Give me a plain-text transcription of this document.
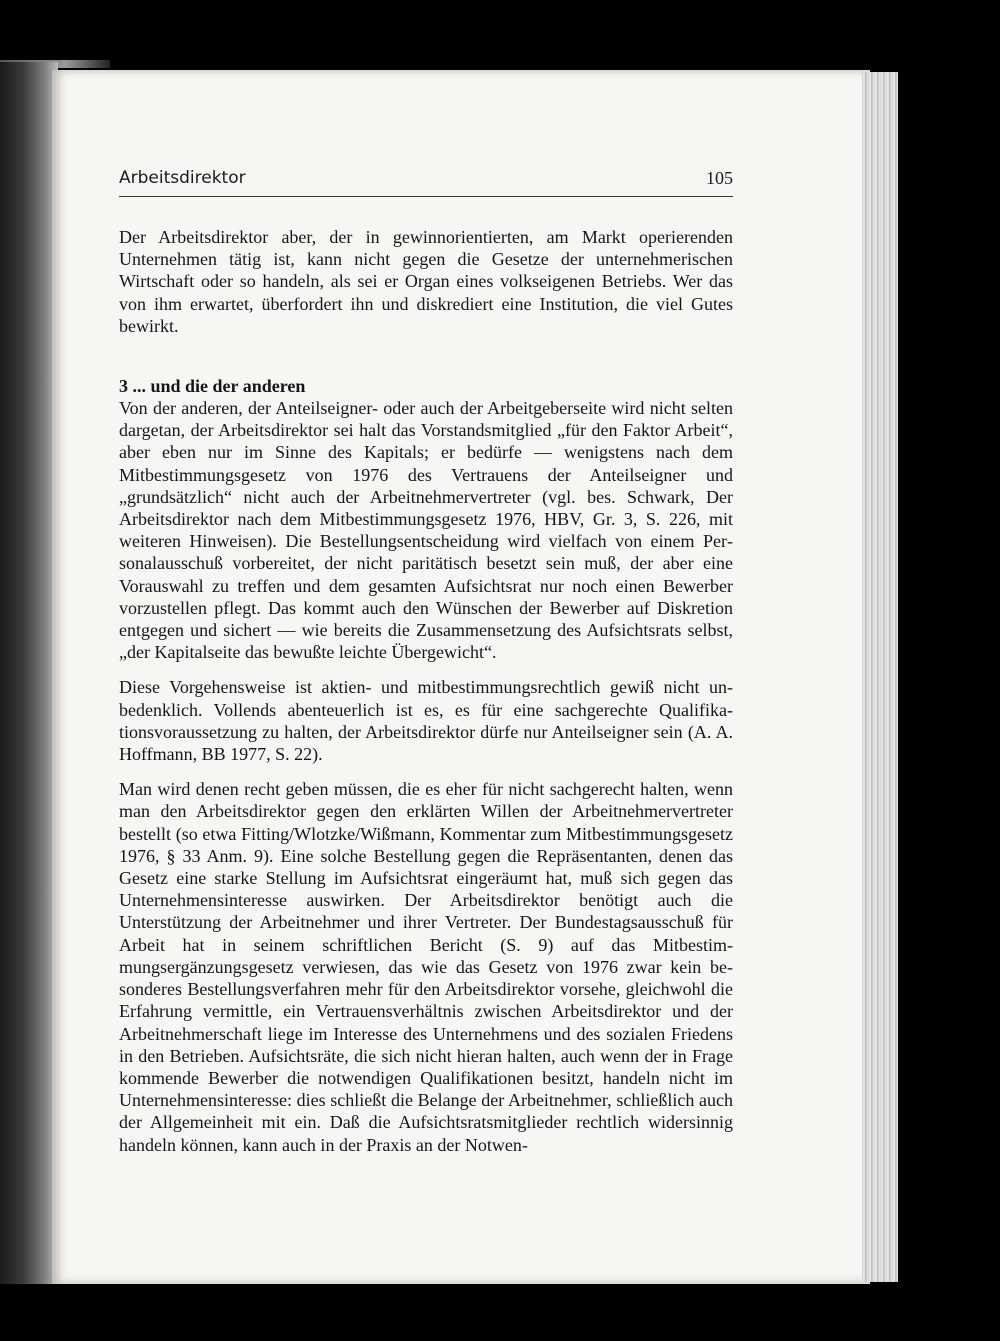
Arbeitsdirektor	105

Der Arbeitsdirektor aber, der in gewinnorientierten, am Markt operierenden Unternehmen tätig ist, kann nicht gegen die Gesetze der unternehmerischen Wirtschaft oder so handeln, als sei er Organ eines volkseigenen Betriebs. Wer das von ihm erwartet, überfordert ihn und diskrediert eine Institution, die viel Gutes bewirkt.

3 ... und die der anderen

Von der anderen, der Anteilseigner- oder auch der Arbeitgeberseite wird nicht selten dargetan, der Arbeitsdirektor sei halt das Vorstandsmitglied „für den Faktor Arbeit“, aber eben nur im Sinne des Kapitals; er bedürfe — wenigstens nach dem Mitbestimmungsgesetz von 1976 des Vertrauens der Anteilseigner und „grundsätzlich“ nicht auch der Arbeitnehmervertreter (vgl. bes. Schwark, Der Arbeitsdirektor nach dem Mitbestimmungsgesetz 1976, HBV, Gr. 3, S. 226, mit weiteren Hinweisen). Die Bestellungsentscheidung wird vielfach von einem Personalausschuß vorbereitet, der nicht paritätisch besetzt sein muß, der aber eine Vorauswahl zu treffen und dem gesamten Aufsichtsrat nur noch einen Bewerber vorzustellen pflegt. Das kommt auch den Wünschen der Bewerber auf Diskretion entgegen und sichert — wie bereits die Zusammensetzung des Aufsichtsrats selbst, „der Kapitalseite das bewußte leichte Übergewicht“.

Diese Vorgehensweise ist aktien- und mitbestimmungsrechtlich gewiß nicht unbedenklich. Vollends abenteuerlich ist es, es für eine sachgerechte Qualifikationsvoraussetzung zu halten, der Arbeitsdirektor dürfe nur Anteilseigner sein (A. A. Hoffmann, BB 1977, S. 22).

Man wird denen recht geben müssen, die es eher für nicht sachgerecht halten, wenn man den Arbeitsdirektor gegen den erklärten Willen der Arbeitnehmervertreter bestellt (so etwa Fitting/Wlotzke/Wißmann, Kommentar zum Mitbestimmungsgesetz 1976, § 33 Anm. 9). Eine solche Bestellung gegen die Repräsentanten, denen das Gesetz eine starke Stellung im Aufsichtsrat eingeräumt hat, muß sich gegen das Unternehmensinteresse auswirken. Der Arbeitsdirektor benötigt auch die Unterstützung der Arbeitnehmer und ihrer Vertreter. Der Bundestagsausschuß für Arbeit hat in seinem schriftlichen Bericht (S. 9) auf das Mitbestimmungsergänzungsgesetz verwiesen, das wie das Gesetz von 1976 zwar kein besonderes Bestellungsverfahren mehr für den Arbeitsdirektor vorsehe, gleichwohl die Erfahrung vermittle, ein Vertrauensverhältnis zwischen Arbeitsdirektor und der Arbeitnehmerschaft liege im Interesse des Unternehmens und des sozialen Friedens in den Betrieben. Aufsichtsräte, die sich nicht hieran halten, auch wenn der in Frage kommende Bewerber die notwendigen Qualifikationen besitzt, handeln nicht im Unternehmensinteresse: dies schließt die Belange der Arbeitnehmer, schließlich auch der Allgemeinheit mit ein. Daß die Aufsichtsratsmitglieder rechtlich widersinnig handeln können, kann auch in der Praxis an der Notwen-
